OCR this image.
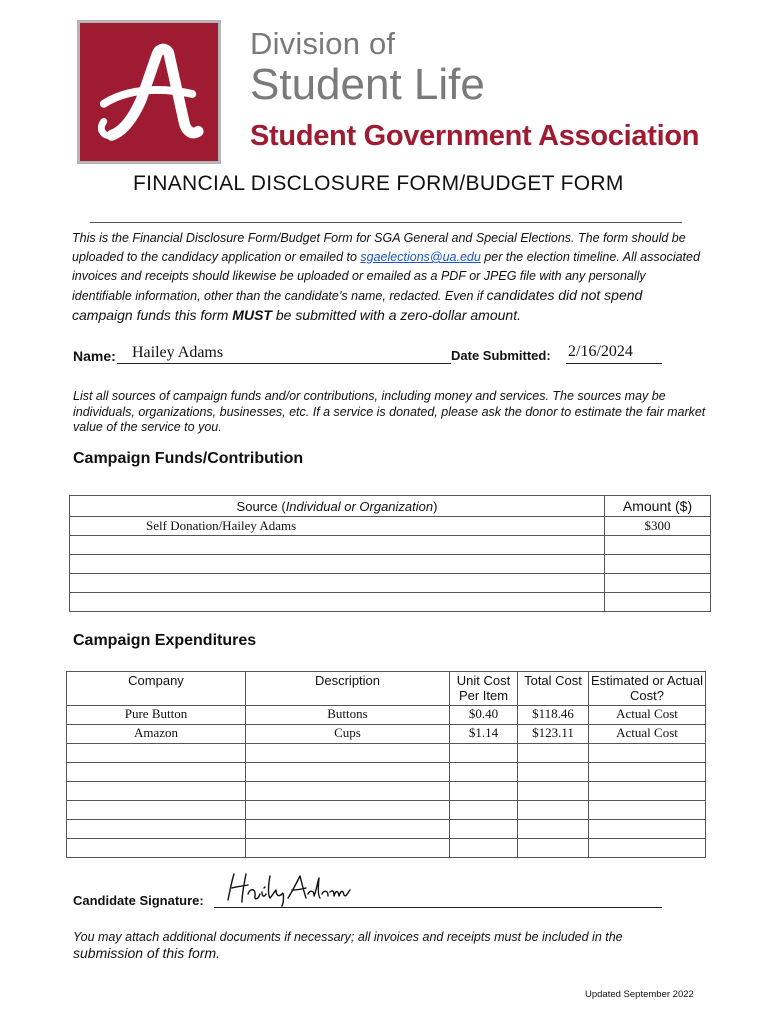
Division of
Student Life
Student Government Association
FINANCIAL DISCLOSURE FORM/BUDGET FORM
This is the Financial Disclosure Form/Budget Form for SGA General and Special Elections. The form should be uploaded to the candidacy application or emailed to sgaelections@ua.edu per the election timeline. All associated invoices and receipts should likewise be uploaded or emailed as a PDF or JPEG file with any personally identifiable information, other than the candidate’s name, redacted. Even if candidates did not spend campaign funds this form MUST be submitted with a zero-dollar amount.
Name: Hailey Adams	Date Submitted: 2/16/2024
List all sources of campaign funds and/or contributions, including money and services. The sources may be individuals, organizations, businesses, etc. If a service is donated, please ask the donor to estimate the fair market value of the service to you.
Campaign Funds/Contribution
Source (Individual or Organization)	Amount ($)
Self Donation/Hailey Adams	$300

Campaign Expenditures
Company	Description	Unit Cost Per Item	Total Cost	Estimated or Actual Cost?
Pure Button	Buttons	$0.40	$118.46	Actual Cost
Amazon	Cups	$1.14	$123.11	Actual Cost

Candidate Signature:
You may attach additional documents if necessary; all invoices and receipts must be included in the
submission of this form.
Updated September 2022
